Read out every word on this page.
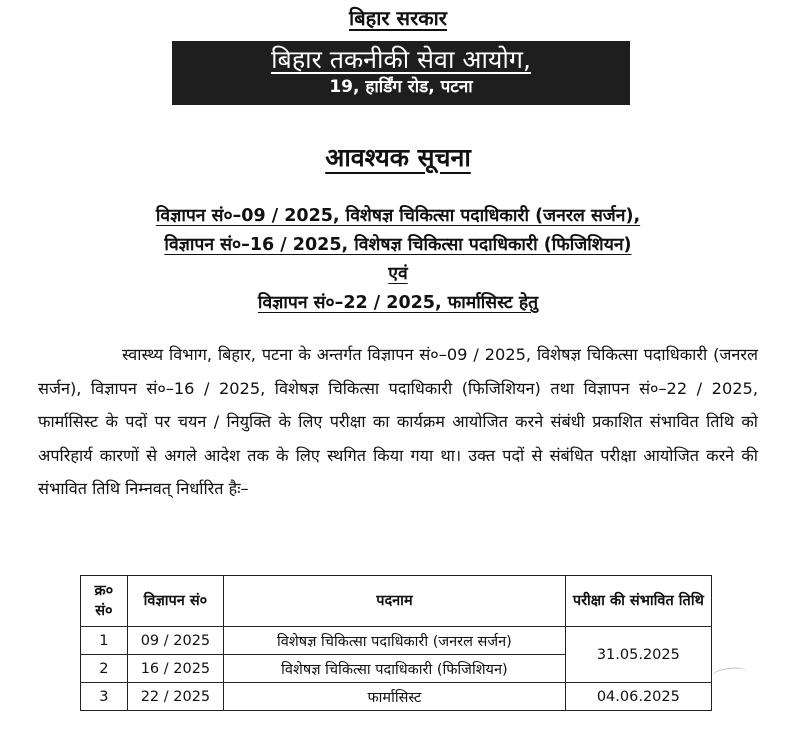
बिहार सरकार
बिहार तकनीकी सेवा आयोग,
19, हार्डिंग रोड, पटना
आवश्यक सूचना
विज्ञापन सं०–09 / 2025, विशेषज्ञ चिकित्सा पदाधिकारी (जनरल सर्जन),
विज्ञापन सं०–16 / 2025, विशेषज्ञ चिकित्सा पदाधिकारी (फिजिशियन)
एवं
विज्ञापन सं०–22 / 2025, फार्मासिस्ट हेतु

स्वास्थ्य विभाग, बिहार, पटना के अन्तर्गत विज्ञापन सं०–09 / 2025, विशेषज्ञ चिकित्सा पदाधिकारी (जनरल सर्जन), विज्ञापन सं०–16 / 2025, विशेषज्ञ चिकित्सा पदाधिकारी (फिजिशियन) तथा विज्ञापन सं०–22 / 2025, फार्मासिस्ट के पदों पर चयन / नियुक्ति के लिए परीक्षा का कार्यक्रम आयोजित करने संबंधी प्रकाशित संभावित तिथि को अपरिहार्य कारणों से अगले आदेश तक के लिए स्थगित किया गया था। उक्त पदों से संबंधित परीक्षा आयोजित करने की संभावित तिथि निम्नवत् निर्धारित हैः–

क्र० सं०	विज्ञापन सं०	पदनाम	परीक्षा की संभावित तिथि
1	09 / 2025	विशेषज्ञ चिकित्सा पदाधिकारी (जनरल सर्जन)	31.05.2025
2	16 / 2025	विशेषज्ञ चिकित्सा पदाधिकारी (फिजिशियन)	
3	22 / 2025	फार्मासिस्ट	04.06.2025
